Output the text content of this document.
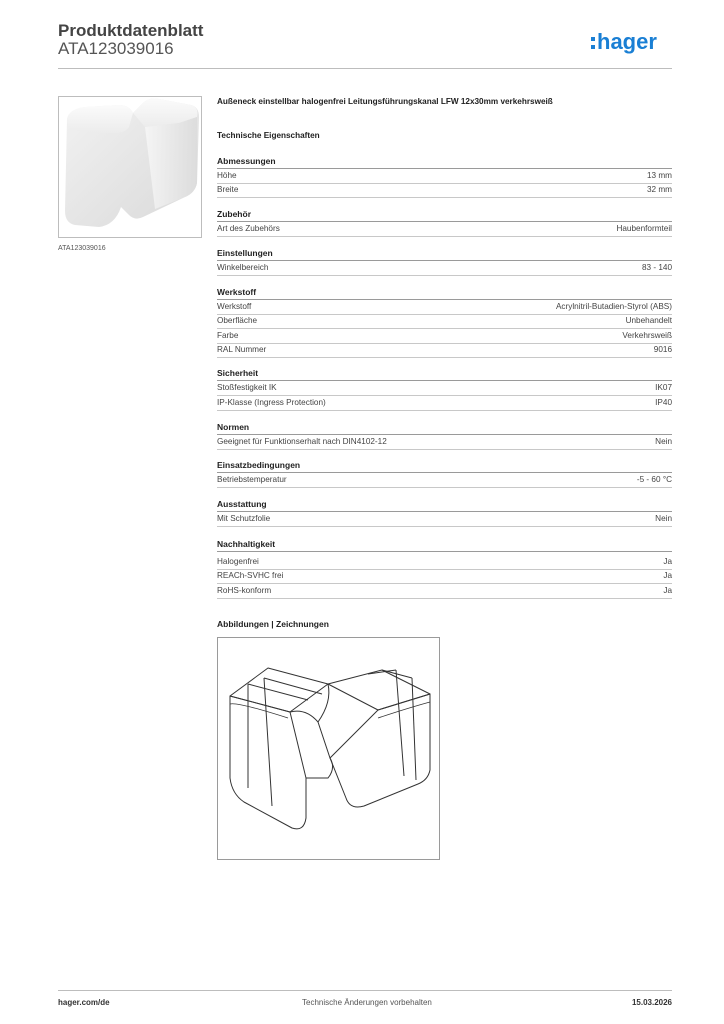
Produktdatenblatt
ATA123039016	hager
ATA123039016
Außeneck einstellbar halogenfrei Leitungsführungskanal LFW 12x30mm verkehrsweiß
Technische Eigenschaften
Abmessungen
Höhe	13 mm
Breite	32 mm
Zubehör
Art des Zubehörs	Haubenformteil
Einstellungen
Winkelbereich	83 - 140
Werkstoff
Werkstoff	Acrylnitril-Butadien-Styrol (ABS)
Oberfläche	Unbehandelt
Farbe	Verkehrsweiß
RAL Nummer	9016
Sicherheit
Stoßfestigkeit IK	IK07
IP-Klasse (Ingress Protection)	IP40
Normen
Geeignet für Funktionserhalt nach DIN4102-12	Nein
Einsatzbedingungen
Betriebstemperatur	-5 - 60 °C
Ausstattung
Mit Schutzfolie	Nein
Nachhaltigkeit
Halogenfrei	Ja
REACh-SVHC frei	Ja
RoHS-konform	Ja
Abbildungen | Zeichnungen
hager.com/de	Technische Änderungen vorbehalten	15.03.2026
